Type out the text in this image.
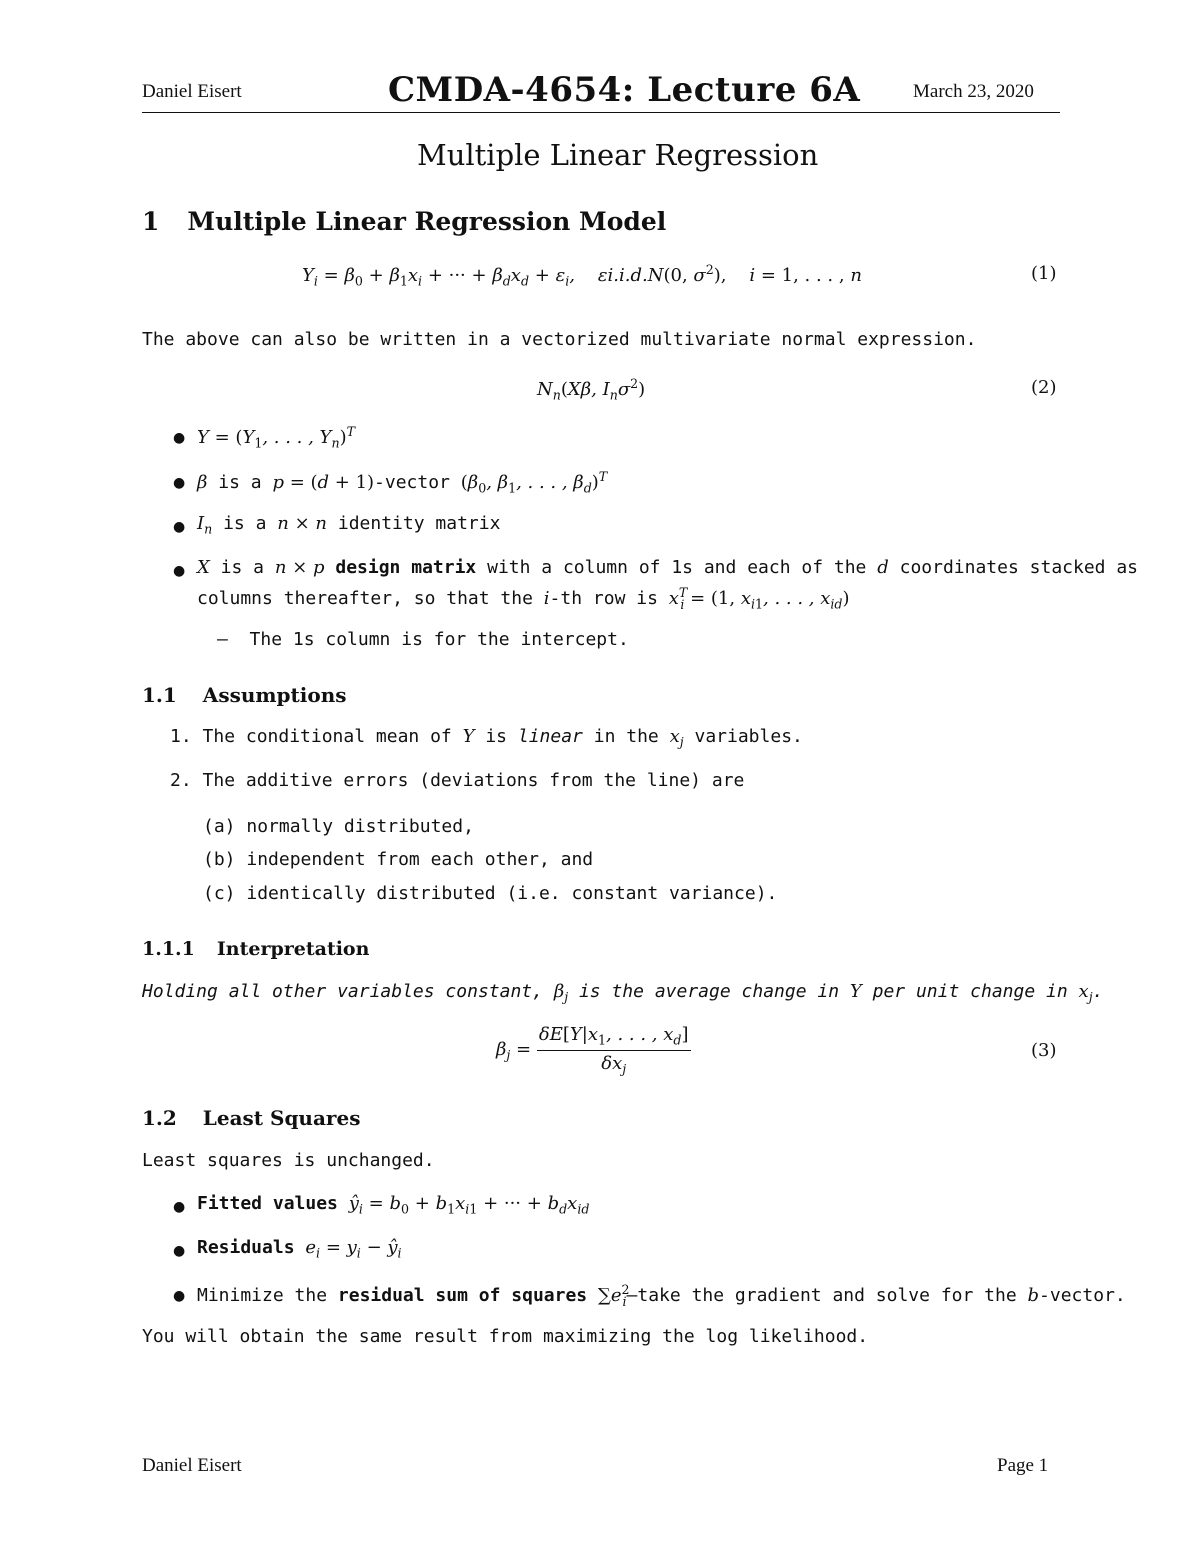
Daniel Eisert	CMDA-4654: Lecture 6A	March 23, 2020
Multiple Linear Regression
1 Multiple Linear Regression Model
$Y_i = \beta_0 + \beta_1x_i$ + ··· + $\beta_dx_d + \varepsilon_i$,    εi.i.d.N(0, $\sigma^2$),    i = 1, . . . , n	(1)
The above can also be written in a vectorized multivariate normal expression.
$N_n(X\beta$, $I_n\sigma^2$)	(2)
● $Y = (Y_1$, . . . , $Y_n)^T$
● β is a p = (d + 1)-vector ($\beta_0$, $\beta_1$, . . . , $\beta_d)^T$
● $I_n$ is a n × n identity matrix
● X is a n × p design matrix with a column of 1s and each of the d coordinates stacked as
columns thereafter, so that the i-th row is $x^T_i = (1$, $x_{i1}$, . . . , $x_{id}$)
–  The 1s column is for the intercept.
1.1 Assumptions
1. The conditional mean of Y is linear in the $x_j$ variables.
2. The additive errors (deviations from the line) are
(a) normally distributed,
(b) independent from each other, and
(c) identically distributed (i.e. constant variance).
1.1.1 Interpretation
Holding all other variables constant, $\beta_j$ is the average change in Y per unit change in $x_j$.
$\beta_j = \frac{\delta E[Y|x_1, . . . , x_d]}{\delta x_j}$	(3)
1.2 Least Squares
Least squares is unchanged.
● Fitted values $ŷ_i = b_0 + b_1x_{i1}$ + ··· + $b_dx_{id}$
● Residuals $e_i = y_i$ − $ŷ_i$
● Minimize the residual sum of squares $\sum e^2_i—take$ the gradient and solve for the b-vector.
You will obtain the same result from maximizing the log likelihood.
Daniel Eisert	Page 1
